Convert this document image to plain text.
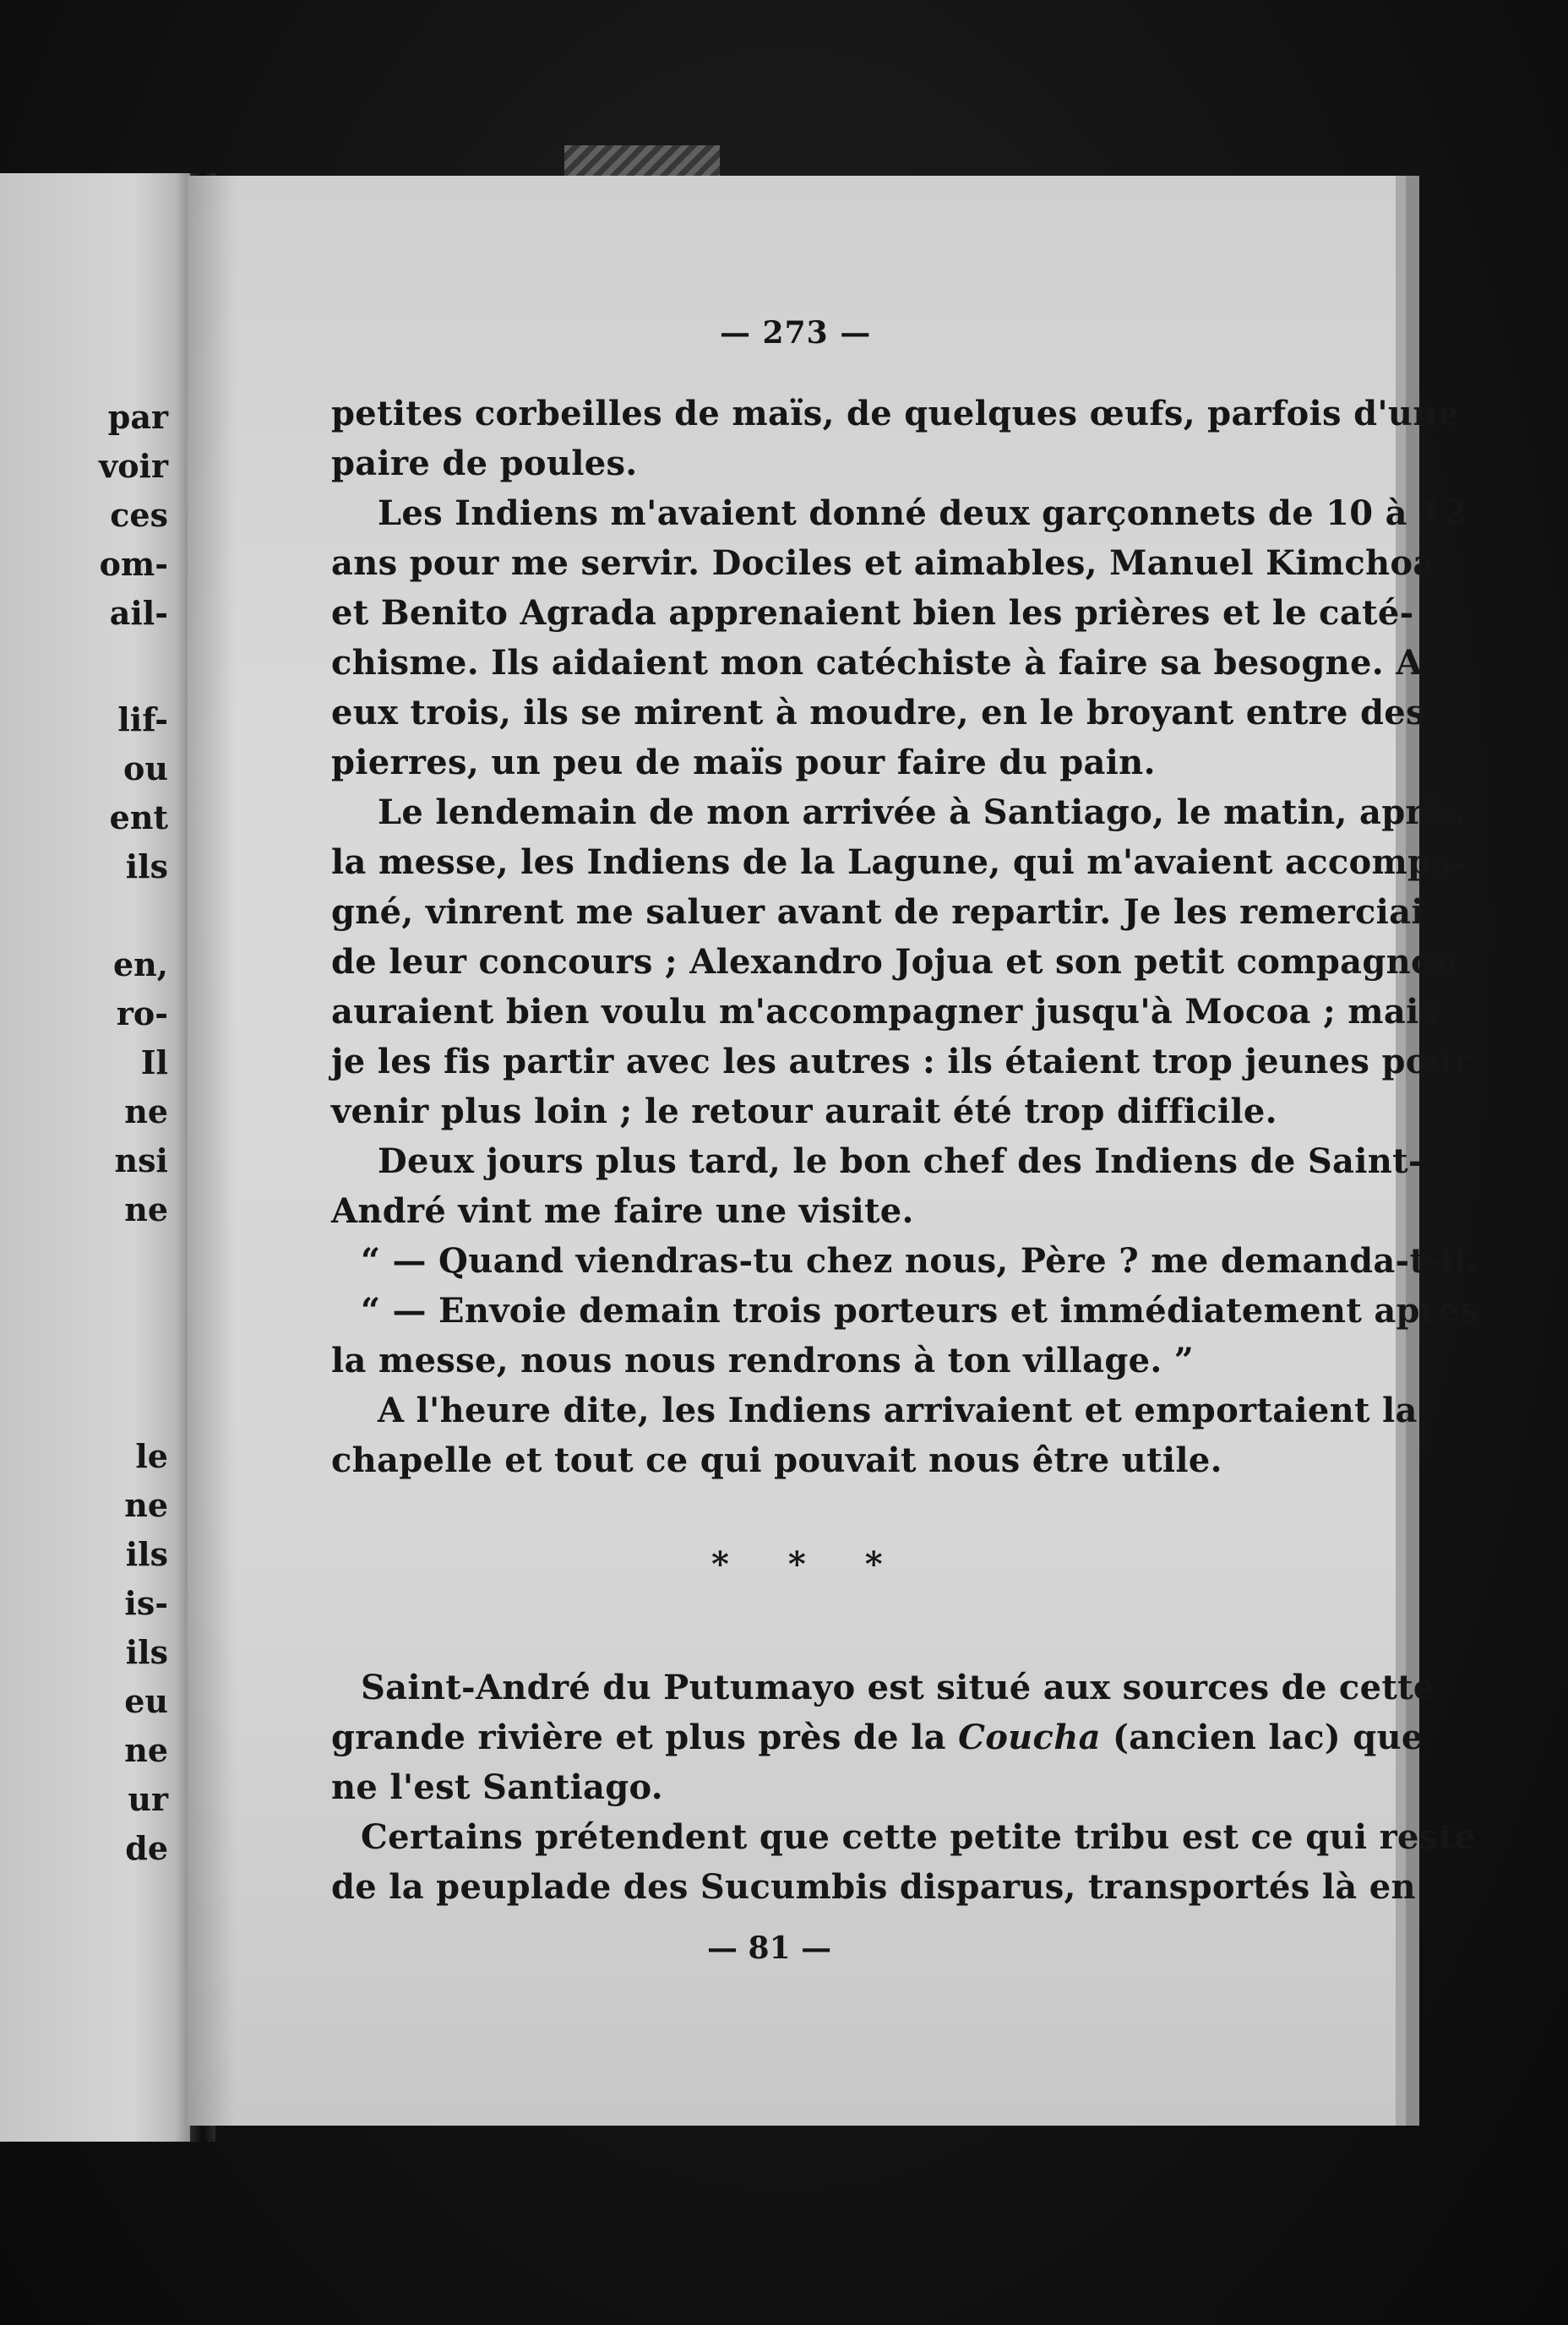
par
voir
ces
om-
ail-
lif-
ou
ent
ils
en,
ro-
Il
ne
nsi
ne
le
ne
ils
is-
ils
eu
ne
ur
de
— 273 —
petites corbeilles de maïs, de quelques œufs, parfois d'une
paire de poules.
Les Indiens m'avaient donné deux garçonnets de 10 à 12
ans pour me servir. Dociles et aimables, Manuel Kimchoa
et Benito Agrada apprenaient bien les prières et le caté-
chisme. Ils aidaient mon catéchiste à faire sa besogne. A
eux trois, ils se mirent à moudre, en le broyant entre des
pierres, un peu de maïs pour faire du pain.
Le lendemain de mon arrivée à Santiago, le matin, après
la messe, les Indiens de la Lagune, qui m'avaient accompa-
gné, vinrent me saluer avant de repartir. Je les remerciai
de leur concours ; Alexandro Jojua et son petit compagnon
auraient bien voulu m'accompagner jusqu'à Mocoa ; mais
je les fis partir avec les autres : ils étaient trop jeunes pour
venir plus loin ; le retour aurait été trop difficile.
Deux jours plus tard, le bon chef des Indiens de Saint-
André vint me faire une visite.
“ — Quand viendras-tu chez nous, Père ? me demanda-t-il.
“ — Envoie demain trois porteurs et immédiatement après
la messe, nous nous rendrons à ton village. ”
A l'heure dite, les Indiens arrivaient et emportaient la
chapelle et tout ce qui pouvait nous être utile.
* * *
Saint-André du Putumayo est situé aux sources de cette
grande rivière et plus près de la Coucha (ancien lac) que
ne l'est Santiago.
Certains prétendent que cette petite tribu est ce qui reste
de la peuplade des Sucumbis disparus, transportés là en
— 81 —
